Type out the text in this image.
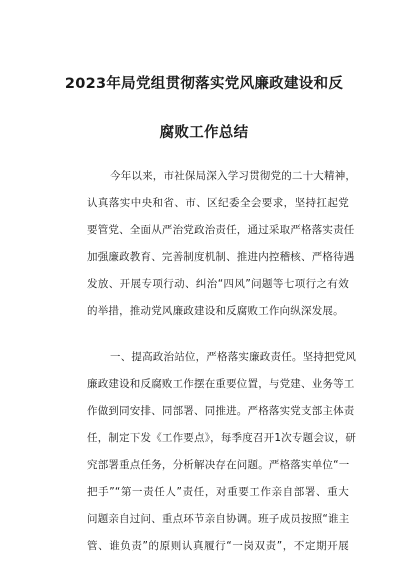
2023年局党组贯彻落实党风廉政建设和反
腐败工作总结
今年以来，市社保局深入学习贯彻党的二十大精神，
认真落实中央和省、市、区纪委全会要求，坚持扛起党
要管党、全面从严治党政治责任，通过采取严格落实责任
加强廉政教育、完善制度机制、推进内控稽核、严格待遇
发放、开展专项行动、纠治“四风”问题等七项行之有效
的举措，推动党风廉政建设和反腐败工作向纵深发展。
一、提高政治站位，严格落实廉政责任。坚持把党风
廉政建设和反腐败工作摆在重要位置，与党建、业务等工
作做到同安排、同部署、同推进。严格落实党支部主体责
任，制定下发《工作要点》，每季度召开1次专题会议，研
究部署重点任务，分析解决存在问题。严格落实单位“一
把手”“第一责任人”责任，对重要工作亲自部署、重大
问题亲自过问、重点环节亲自协调。班子成员按照“谁主
管、谁负责”的原则认真履行“一岗双责”，不定期开展
